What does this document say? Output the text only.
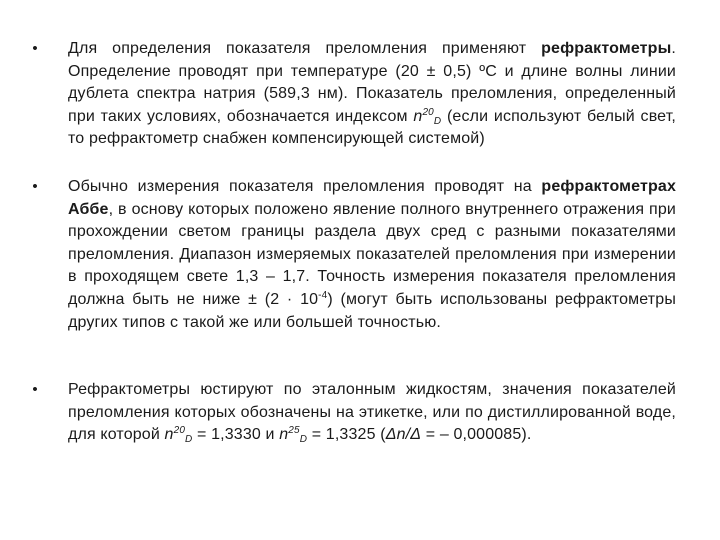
• Для определения показателя преломления применяют рефрактометры. Определение проводят при температуре (20 ± 0,5) ºС и длине волны линии дублета спектра натрия (589,3 нм). Показатель преломления, определенный при таких условиях, обозначается индексом $n^{20}_D$ (если используют белый свет, то рефрактометр снабжен компенсирующей системой)

• Обычно измерения показателя преломления проводят на рефрактометрах Аббе, в основу которых положено явление полного внутреннего отражения при прохождении светом границы раздела двух сред с разными показателями преломления. Диапазон измеряемых показателей преломления при измерении в проходящем свете 1,3 – 1,7. Точность измерения показателя преломления должна быть не ниже ± $(2 \cdot 10^{-4})$ (могут быть использованы рефрактометры других типов с такой же или большей точностью.

• Рефрактометры юстируют по эталонным жидкостям, значения показателей преломления которых обозначены на этикетке, или по дистиллированной воде, для которой $n^{20}_D = 1,3330$ и $n^{25}_D = 1,3325$ (Δn/Δ = – 0,000085).
